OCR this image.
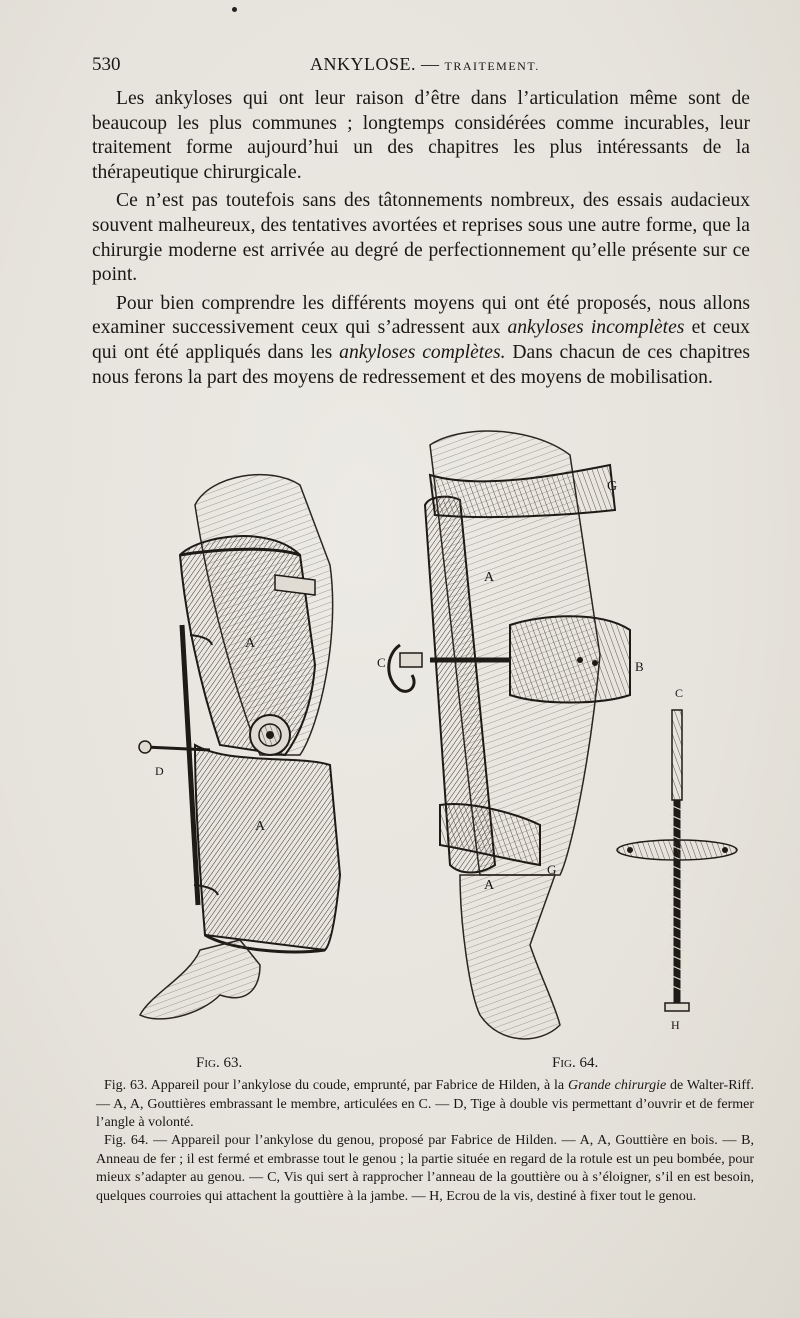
530	ANKYLOSE. — TRAITEMENT.

Les ankyloses qui ont leur raison d’être dans l’articulation même sont de beaucoup les plus communes ; longtemps considérées comme incurables, leur traitement forme aujourd’hui un des chapitres les plus intéressants de la thérapeutique chirurgicale.

Ce n’est pas toutefois sans des tâtonnements nombreux, des essais audacieux souvent malheureux, des tentatives avortées et reprises sous une autre forme, que la chirurgie moderne est arrivée au degré de perfectionnement qu’elle présente sur ce point.

Pour bien comprendre les différents moyens qui ont été proposés, nous allons examiner successivement ceux qui s’adressent aux ankyloses incomplètes et ceux qui ont été appliqués dans les ankyloses complètes. Dans chacun de ces chapitres nous ferons la part des moyens de redressement et des moyens de mobilisation.

A
A
D
A
A
G
G
B
C
C
H
Fig. 63.	Fig. 64.
Fig. 63. Appareil pour l’ankylose du coude, emprunté, par Fabrice de Hilden, à la Grande chirurgie de Walter-Riff. — A, A, Gouttières embrassant le membre, articulées en C. — D, Tige à double vis permettant d’ouvrir et de fermer l’angle à volonté.
Fig. 64. — Appareil pour l’ankylose du genou, proposé par Fabrice de Hilden. — A, A, Gouttière en bois. — B, Anneau de fer ; il est fermé et embrasse tout le genou ; la partie située en regard de la rotule est un peu bombée, pour mieux s’adapter au genou. — C, Vis qui sert à rapprocher l’anneau de la gouttière ou à s’éloigner, s’il en est besoin, quelques courroies qui attachent la gouttière à la jambe. — H, Ecrou de la vis, destiné à fixer tout le genou.
